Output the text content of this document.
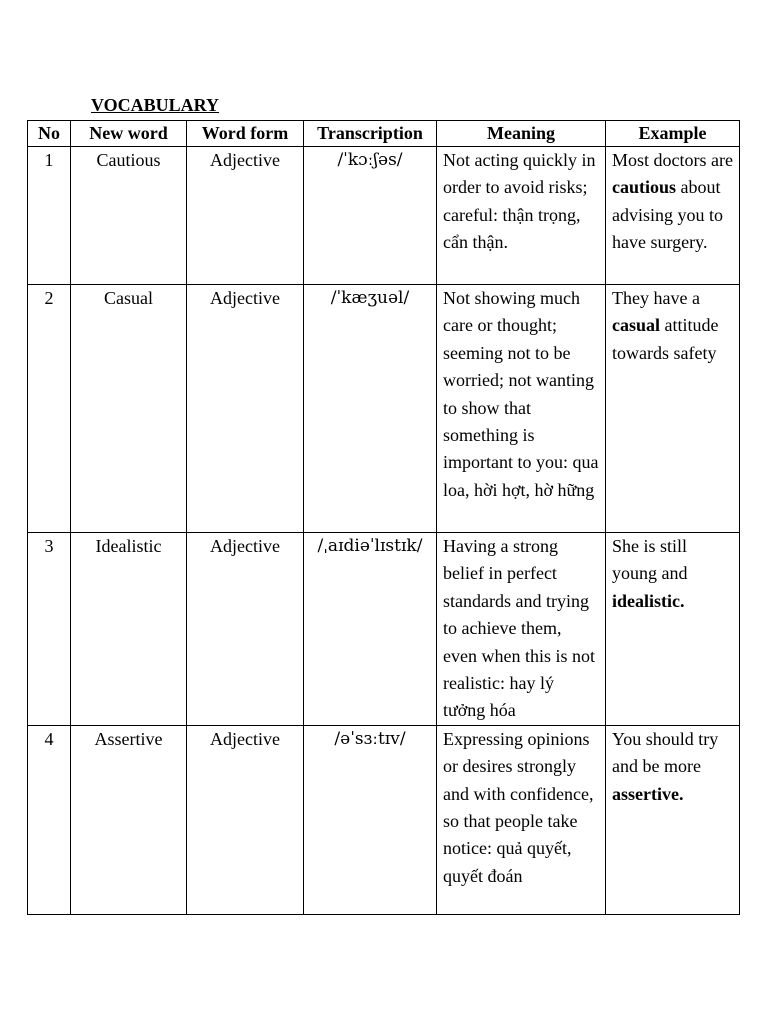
VOCABULARY

No	New word	Word form	Transcription	Meaning	Example
1	Cautious	Adjective	/ˈkɔːʃəs/	Not acting quickly in order to avoid risks; careful: thận trọng, cẩn thận.	Most doctors are cautious about advising you to have surgery.
2	Casual	Adjective	/ˈkæʒuəl/	Not showing much care or thought; seeming not to be worried; not wanting to show that something is important to you: qua loa, hời hợt, hờ hững	They have a casual attitude towards safety
3	Idealistic	Adjective	/ˌaɪdiəˈlɪstɪk/	Having a strong belief in perfect standards and trying to achieve them, even when this is not realistic: hay lý tưởng hóa	She is still young and idealistic.
4	Assertive	Adjective	/əˈsɜːtɪv/	Expressing opinions or desires strongly and with confidence, so that people take notice: quả quyết, quyết đoán	You should try and be more assertive.
